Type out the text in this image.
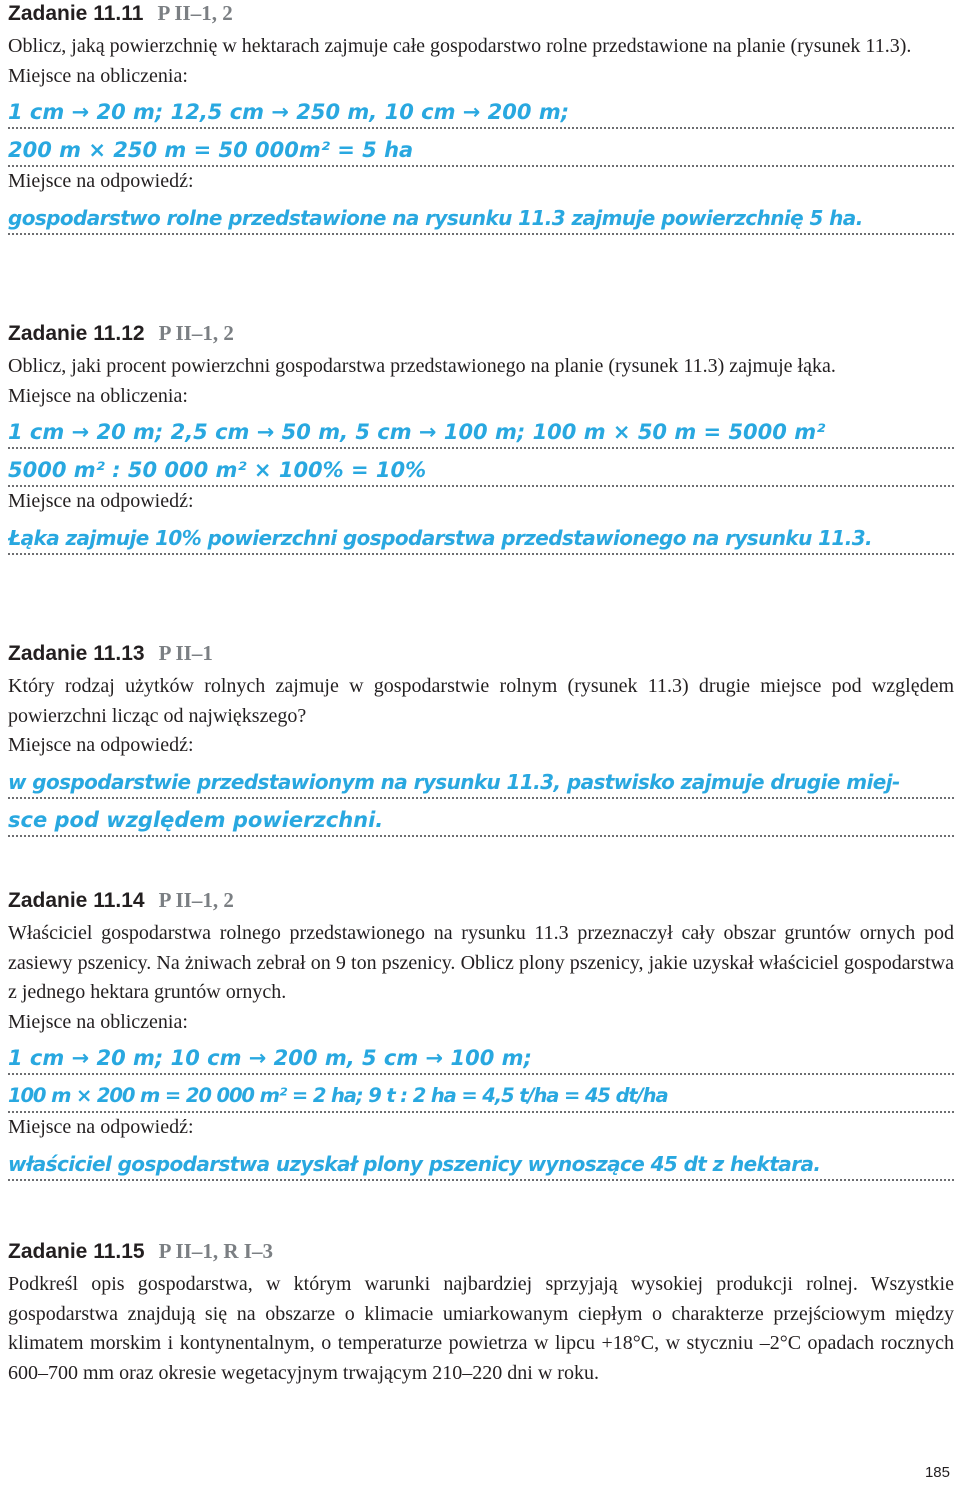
Zadanie 11.11 P II–1, 2

Oblicz, jaką powierzchnię w hektarach zajmuje całe gospodarstwo rolne przedstawione na planie (rysunek 11.3).

Miejsce na obliczenia:
1 cm → 20 m; 12,5 cm → 250 m, 10 cm → 200 m;
200 m × 250 m = 50 000m² = 5 ha
Miejsce na odpowiedź:
gospodarstwo rolne przedstawione na rysunku 11.3 zajmuje powierzchnię 5 ha.
Zadanie 11.12 P II–1, 2

Oblicz, jaki procent powierzchni gospodarstwa przedstawionego na planie (rysunek 11.3) zajmuje łąka.

Miejsce na obliczenia:
1 cm → 20 m; 2,5 cm → 50 m, 5 cm → 100 m; 100 m × 50 m = 5000 m²
5000 m² : 50 000 m² × 100% = 10%
Miejsce na odpowiedź:
Łąka zajmuje 10% powierzchni gospodarstwa przedstawionego na rysunku 11.3.
Zadanie 11.13 P II–1

Który rodzaj użytków rolnych zajmuje w gospodarstwie rolnym (rysunek 11.3) drugie miejsce pod względem powierzchni licząc od największego?

Miejsce na odpowiedź:
w gospodarstwie przedstawionym na rysunku 11.3, pastwisko zajmuje drugie miej-
sce pod względem powierzchni.
Zadanie 11.14 P II–1, 2

Właściciel gospodarstwa rolnego przedstawionego na rysunku 11.3 przeznaczył cały obszar gruntów ornych pod zasiewy pszenicy. Na żniwach zebrał on 9 ton pszenicy. Oblicz plony pszenicy, jakie uzyskał właściciel gospodarstwa z jednego hektara gruntów ornych.

Miejsce na obliczenia:
1 cm → 20 m; 10 cm → 200 m, 5 cm → 100 m;
100 m × 200 m = 20 000 m² = 2 ha; 9 t : 2 ha = 4,5 t/ha = 45 dt/ha
Miejsce na odpowiedź:
właściciel gospodarstwa uzyskał plony pszenicy wynoszące 45 dt z hektara.
Zadanie 11.15 P II–1, R I–3

Podkreśl opis gospodarstwa, w którym warunki najbardziej sprzyjają wysokiej produkcji rolnej. Wszystkie gospodarstwa znajdują się na obszarze o klimacie umiarkowanym ciepłym o charakterze przejściowym między klimatem morskim i kontynentalnym, o temperaturze powietrza w lipcu +18°C, w styczniu –2°C opadach rocznych 600–700 mm oraz okresie wegetacyjnym trwającym 210–220 dni w roku.

185
